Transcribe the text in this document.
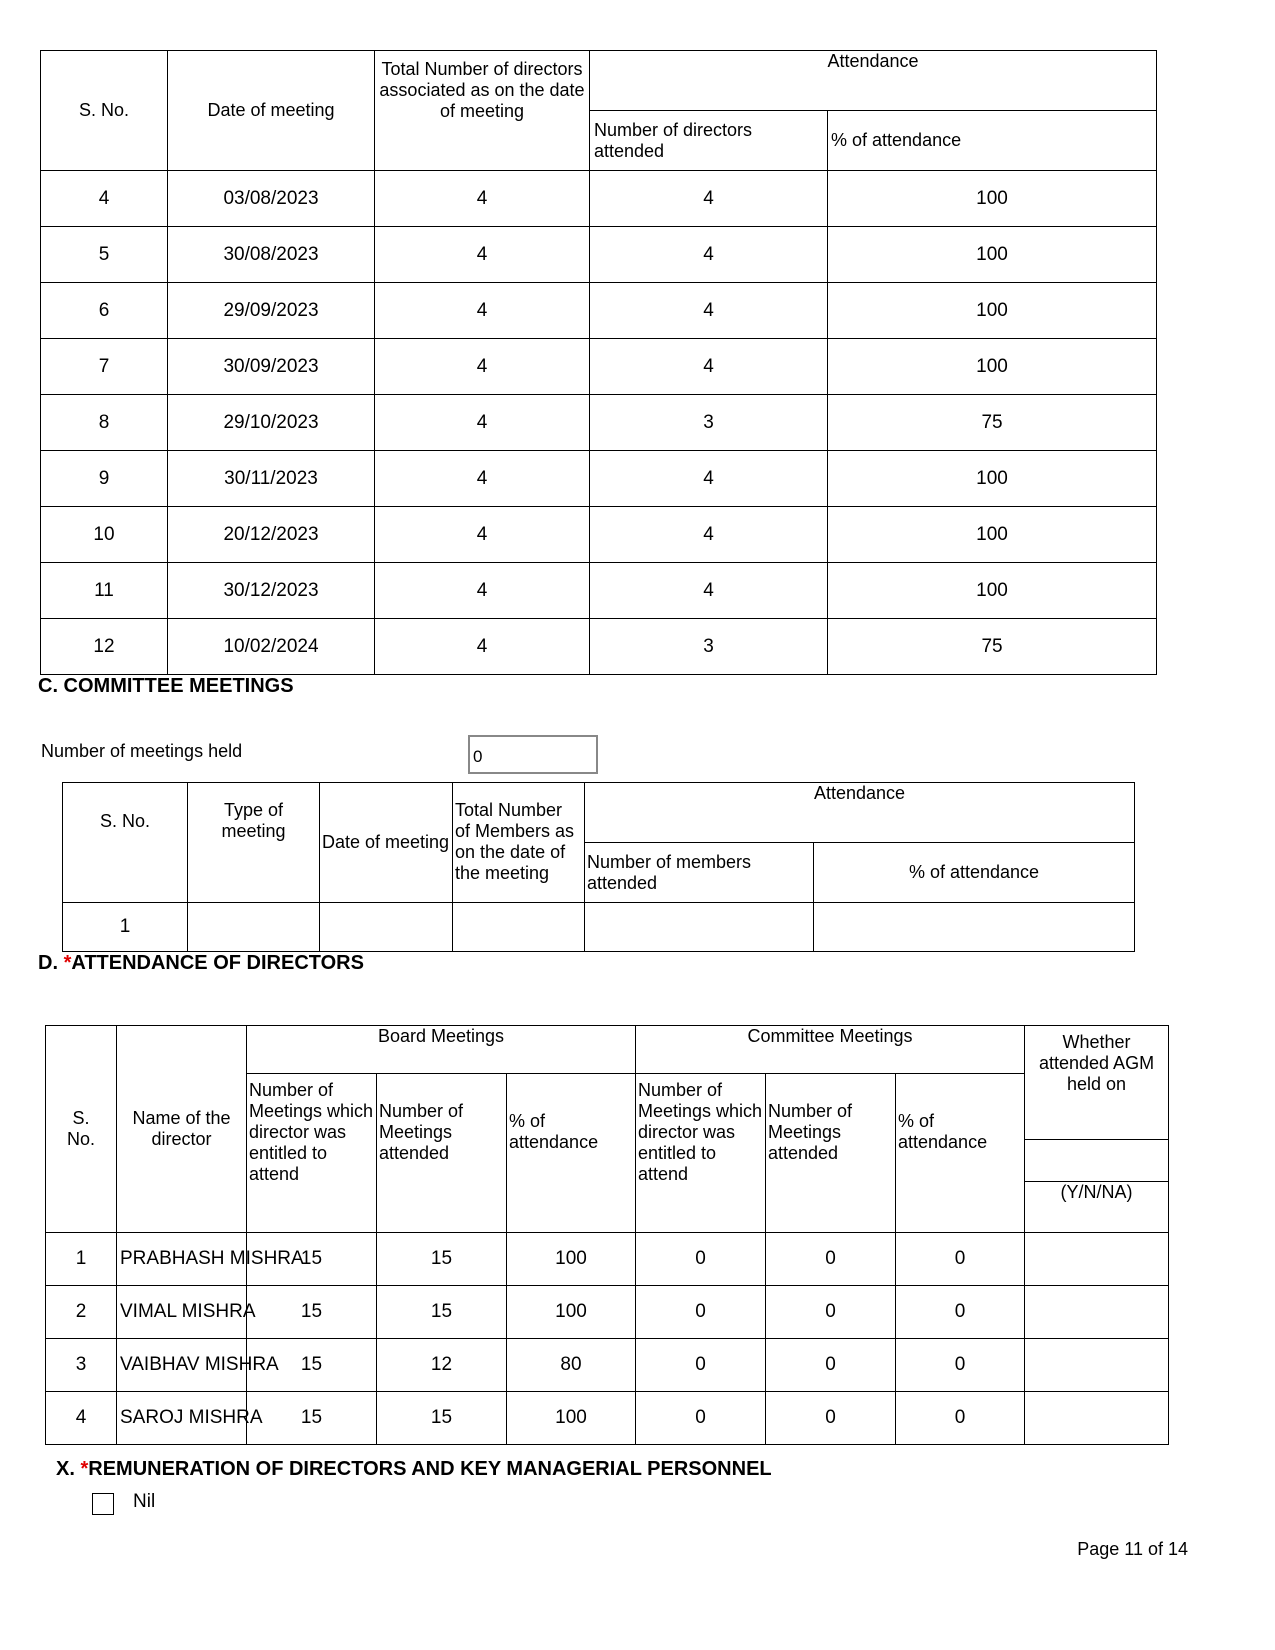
S. No.	Date of meeting	Total Number of directors associated as on the date of meeting	Attendance	
			Number of directors attended	% of attendance
4	03/08/2023	4	4	100
5	30/08/2023	4	4	100
6	29/09/2023	4	4	100
7	30/09/2023	4	4	100
8	29/10/2023	4	3	75
9	30/11/2023	4	4	100
10	20/12/2023	4	4	100
11	30/12/2023	4	4	100
12	10/02/2024	4	3	75
C. COMMITTEE MEETINGS
Number of meetings held	0
S. No.	Type of meeting	Date of meeting	Total Number of Members as on the date of the meeting	Attendance	
				Number of members attended	% of attendance
1					
D. *ATTENDANCE OF DIRECTORS
S. No.	Name of the director	Board Meetings			Committee Meetings			Whether attended AGM held on
(Y/N/NA)

		Number of Meetings which director was entitled to attend	Number of Meetings attended	% of attendance	Number of Meetings which director was entitled to attend	Number of Meetings attended	% of attendance	
1	PRABHASH MISHRA	15	15	100	0	0	0	
2	VIMAL MISHRA	15	15	100	0	0	0	
3	VAIBHAV MISHRA	15	12	80	0	0	0	
4	SAROJ MISHRA	15	15	100	0	0	0	
X. *REMUNERATION OF DIRECTORS AND KEY MANAGERIAL PERSONNEL
Nil
Page 11 of 14
